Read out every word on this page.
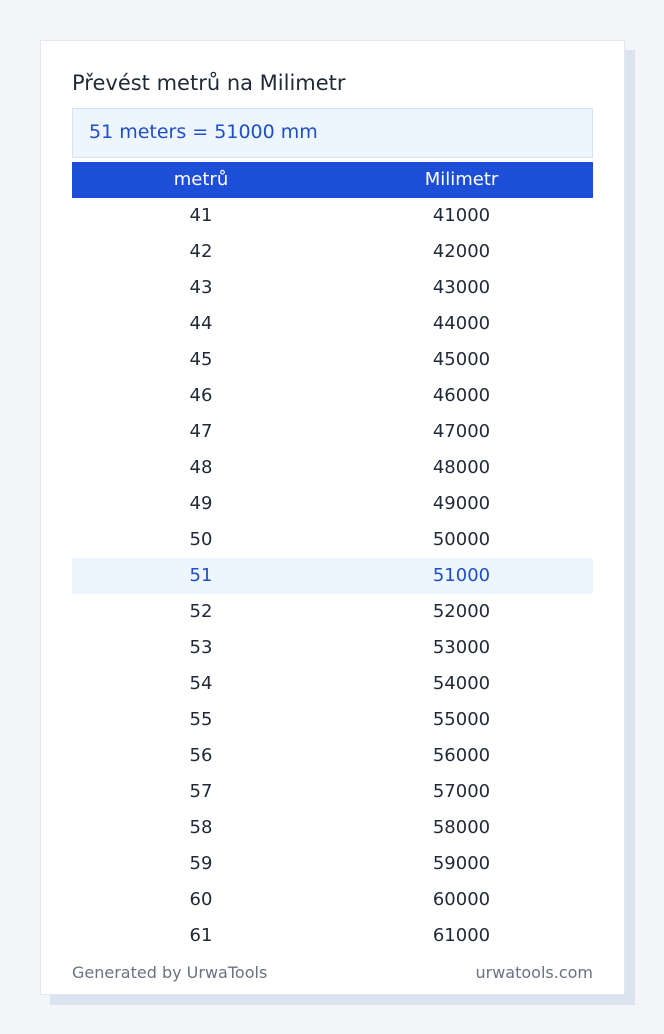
Převést metrů na Milimetr
51 meters = 51000 mm
metrů	Milimetr
41	41000
42	42000
43	43000
44	44000
45	45000
46	46000
47	47000
48	48000
49	49000
50	50000
51	51000
52	52000
53	53000
54	54000
55	55000
56	56000
57	57000
58	58000
59	59000
60	60000
61	61000
Generated by UrwaTools	urwatools.com
